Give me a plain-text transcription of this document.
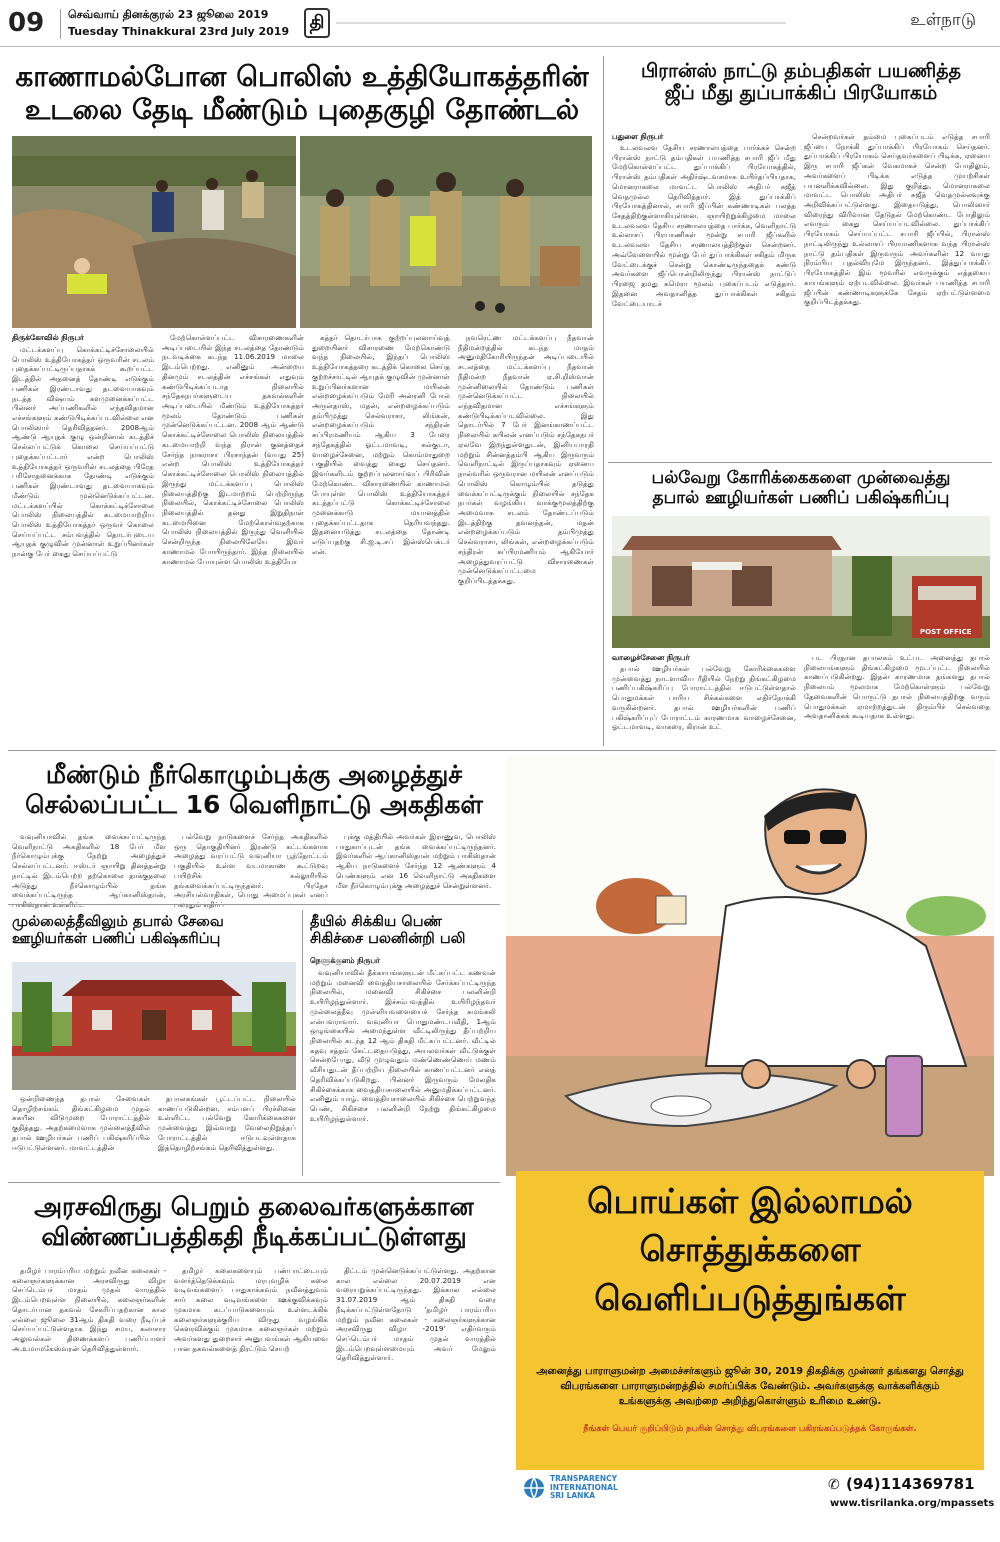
09 செவ்வாய் தினக்குரல் 23 ஜூலை 2019
Tuesday Thinakkural 23rd July 2019	தி	உள்நாடு
காணாமல்போன பொலிஸ் உத்தியோகத்தரின்
உடலை தேடி மீண்டும் புதைகுழி தோண்டல்
திருக்கோவில் நிருபர்

மட்டக்களப்பு கொக்கட்டிச்சோலையில் பொலிஸ் உத்தியோகத்தர் ஒருவரின் சடலம் புதைக்கப்பட்டிருப்பதாகக் கூறப்பட்ட இடத்தில் அதனைத் தோண்டி எடுக்கும் பணிகள் இரண்டாவது தடவையாகவும் நடத்த விஷயம் களமுனைக்கப்பட்ட பின்னர் அப்பணிகளில் எந்தவிதமான எச்சங்களும் கண்டுபிடிக்கப்படவில்லை என பொலிஸார் தெரிவித்தனர். 2008ஆம் ஆண்டு ஆயுதக் குழு ஒன்றினால் கடத்திச் செல்லப்பட்டுக் கொலை செய்யப்பட்டு புதைக்கப்பட்டார் என்ற பொலிஸ் உத்தியோகத்தர் ஒருவரின் சடலத்தை பிரேத பரிசோதனைக்காக தோண்டி எடுக்கும் பணிகள் இரண்டாவது தடவையாகவும் மீண்டும் முன்னெடுக்கப்பட்டன. மட்டக்களப்பில் கொக்கட்டிச்சோலை பொலிஸ் நிலையத்தில் கடமையாற்றிய பொலிஸ் உத்தியோகத்தர் ஒருவர் கொலை செய்யப்பட்ட சம்பவத்தில் தொடர்புடைய ஆயுதக் குழுவின் முன்னாள் உறுப்பினர்கள் நான்கு பேர் கைது செய்யப்பட்டு

மேற்கொள்ளப்பட்ட விசாரணைகளின் அடிப்படையில் இந்த சடலத்தை தோண்டும் நடவடிக்கை கடந்த 11.06.2019 மாலை இடம்பெற்றது. எனினும் அன்றைய தினமும் சடலத்தின் எச்சங்கள் எதுவும் கண்டுபிடிக்கப்படாத நிலையில் சந்தேகநபர்களுடைய தகவல்களின் அடிப்படையில் மீண்டும் உத்தியோகத்தர் மூலம் தோண்டும் பணிகள் முன்னெடுக்கப்பட்டன. 2008 ஆம் ஆண்டு கொக்கட்டிச்சோலை பொலிஸ் நிலையத்தில் கடமையாற்றி வந்த நிரான் குனத்தைச் சேர்ந்த நாகராசா பிரசாந்தன் (வயது 25) என்ற பொலிஸ் உத்தியோகத்தர் கொக்கட்டிச்சோலை பொலிஸ் நிலையத்தில் இருந்து மட்டக்களப்பு பொலிஸ் நிலையத்திற்கு இடமாற்றம் பெற்றிருந்த நிலையில், கொக்கட்டிச்சோலை பொலிஸ் நிலையத்தில் தனது இறுதிநாள் கடமையினை மேற்கொள்வதற்காக பொலிஸ் நிலையத்தில் இருந்து வெளியில் சென்றிருந்த நிலையிலேயே இவர் காணாமல் போயிருந்தார். இந்த நிலையில் காணாமல் போயுள்ள பொலிஸ் உத்தியோ

கத்தர் தொடர்பாக குற்றப்புலனாய்வுத் துறையினர் விசாரணை மேற்கொண்டு வந்த நிலையில், இந்தப் பொலிஸ் உத்தியோகத்தரை கடத்திக் கொலை செய்த குற்றச்சாட்டில் ஆயுதக் குழுவின் முன்னாள் உறுப்பினர்களான மயிலன் என்றழைக்கப்படும் மேரி அன்ரனி போல் அருள்தாஸ், மதன், என்றழைக்கப்படும் தம்பிமுத்து செல்வராசா, லிங்கன், என்றழைக்கப்படும் சந்திரன் சுப்பிரமணியம் ஆகிய 3 பேரை சந்தேகத்தில் ஓட்டமாவடி, கல்குடா, வாழைச்சேனை, மற்றும் கொம்மாதுறை பகுதியில் வைத்து கைது செய்தனர். இவர்களிடம் குற்றப்புலனாய்வுப் பிரிவின் மேற்கொண்ட விசாரணையில் காணாமல் போயுள்ள பொலிஸ் உத்தியோகத்தர் கடத்தப்பட்டு கொக்கட்டிச்சோலை முனைக்காடு மயானத்தில் புதைக்கப்பட்டதாக தெரியவந்தது. இதனையடுத்து சடலத்தை தோண்டி எடுப்பதற்கு சி.ஐ.டி.சப் இன்ஸ்பெக்டர் என்.

நவரெட்ண மட்டக்களப்பு நீதவான் நீதிமன்றத்தில் கடந்த மாதம் அனுமதிகோரியிருந்தன் அடிப்படையில் சடலத்தை மட்டக்களப்பு நீதவான் நீதிமன்ற நீதவான் ஏ.சி.றிஸ்வான் முன்னிலையில் தோண்டும் பணிகள் முன்னெடுக்கப்பட்ட நிலையில் எந்தவிதமான எச்சங்களும் கண்டுபிடிக்கப்படவில்லை. இது தொடர்பில் 7 பேர் இனங்காணப்பட்ட நிலையில் கபிலன் எனப்படும் சந்தேகநபர் ஏலவே இறந்துள்ளதுடன், இனியபாரதி மற்றும் சின்னத்தம்பி ஆகிய இருவரும் வெளிநாட்டில் இருப்பதாகவும் ஏனைய நால்வரில் ஒருவரான மயிலன் எனப்படும் பொலிஸ் கொழும்பில் தடுத்து வைக்கப்பட்டிருக்கும் நிலையில் சந்தேக நபர்கள் வழங்கிய வாக்குமூலத்திற்கு அமைவாக சடலம் தோண்டப்படும் இடத்திற்கு தவனந்தன், மதன் என்றழைக்கப்படும் தம்பிமுத்து செல்வராசா, லிங்கன், என்றழைக்கப்படும் சந்திரன் சுப்பிரமணியம் ஆகியோர் அழைத்துவரப்பட்டு விசாரணைகள் முன்னெடுக்கப்பட்டமை குறிப்பிடத்தக்கது.

பிரான்ஸ் நாட்டு தம்பதிகள் பயணித்த
ஜீப் மீது துப்பாக்கிப் பிரயோகம்
பதுளை நிருபர்

உடலவலவ தேசிய சரணாலயத்தை பார்க்கச் சென்ற பிரான்ஸ் நாட்டு தம்பதிகள் பயணித்த சபாரி ஜீப் மீது மேற்கொள்ளப்பட்ட துப்பாக்கிப் பிரயோகத்தில், பிரான்ஸ் தம்பதிகள் அதிர்ஷ்டவசமாக உயிர்தப்பியதாக, மொனராகலை மாவட்ட பொலிஸ் அதிபர் சுஜீத் வெதமுல்ல தெரிவித்தார். இத் துப்பாக்கிப் பிரயோகத்தினால், சபாரி ஜீப்பின் கண்ணாடிகள் பலத்த சேதத்திற்குள்ளாகியுள்ளன. ஞாயிற்றுக்கிழமை மாலை உடலவலவ தேசிய சரணாலயத்தை பார்க்க, வெளிநாட்டு உல்லாசப் பிரயாணிகள் மூன்று சபாரி ஜீப்களில் உடலவலவ தேசிய சரணாலயத்திற்குள் சென்றனர். அவ்வேளையில் மூன்று பேர் துப்பாக்கிகள் சகிதம் மிருக வேட்டைக்குச் சென்று கொண்டிருந்ததைக் கண்டு அவர்களை ஜீப்பொன்றிலிருந்து பிரான்ஸ் நாட்டுப் பிரஜை தமது கமெரா மூலம் புகைப்படம் எடுத்தார். இதனை அவதானித்த துப்பாக்கிகள் சகிதம் வேட்டையாடச்

சென்றவர்கள் தம்மை புகைப்படம் எடுத்த சபாரி ஜீப்பை நோக்கி துப்பாக்கிப் பிரயோகம் செய்தனர். துப்பாக்கிப் பிரயோகம் செய்தவர்களைப் பிடிக்க, ஏனைய இரு சபாரி ஜீப்கள் வேகமாகச் சென்ற போதிலும், அவர்களைப் பிடிக்க எடுத்த முயற்சிகள் பயனளிக்கவில்லை. இது குறித்து, மொனராகலை மாவட்ட பொலிஸ் அதிபர் சுஜீத் வெதமுல்லவுக்கு அறிவிக்கப்பட்டுள்ளது. இதையடுத்து, பொலிஸார் விரைந்து விரிவான தேடுதல் மேற்கொண்ட போதிலும் எவரும் கைது செய்யப்படவில்லை. துப்பாக்கிப் பிரயோகம் செய்யப்பட்ட சபாரி ஜீப்பில், பிரான்ஸ் நாட்டிலிருந்து உல்லாசப் பிரயாணிகளாக வந்த பிரான்ஸ் நாட்டு தம்பதிகள் இருவரும் அவர்களின் 12 வயது நிரம்பிய புதல்வியுமே இருந்தனர். இத்துப்பாக்கிப் பிரயோகத்தில் இம் மூவரில் எவருக்கும் எத்தகைய காயங்களும் ஏற்படவில்லை. இவர்கள் பயணித்த சபாரி ஜீப்பின் கண்ணாடிகளுக்கே சேதம் ஏற்பட்டுள்ளமை குறிப்பிடத்தக்கது.

பல்வேறு கோரிக்கைகளை முன்வைத்து
தபால் ஊழியர்கள் பணிப் பகிஷ்கரிப்பு
POST OFFICE
வாழைச்சேனை நிருபர்

தபால் ஊழியர்கள் பல்வேறு கோரிக்கைகளை முன்வைத்து நாடளாவிய ரீதியில் நேற்று திங்கட்கிழமை பணிப்பகிஷ்கரிப்பு போராட்டத்தில் ஈடுபட்டுள்ளதால் பொதுமக்கள் பாரிய சிக்கல்களை எதிர்நோக்கி வருகின்றனர். தபால் ஊழியர்களின் பணிப் பகிஷ்கரிப்புப் போராட்டம் காரணமாக வாழைச்சேனை, ஓட்டமாவடி, வாகரை, கிரான் உட்

பட பிரதான தபாலகம் உட்பட அனைத்து தபால் நிலையங்களும் திங்கட்கிழமை மூடப்பட்ட நிலையில் காணப்படுகின்றது. இதன் காரணமாக தங்களது தபால் நிலையம் மூலமாக மேற்கொள்ளும் பல்வேறு தேவைகளின் பொருட்டு தபால் நிலையத்திற்கு வரும் பொதுமக்கள் ஏமாற்றத்துடன் திரும்பிச் செல்வதை அவதானிக்கக் கூடியதாக உள்ளது.

மீண்டும் நீர்கொழும்புக்கு அழைத்துச்
செல்லப்பட்ட 16 வெளிநாட்டு அகதிகள்

வவுனியாவில் தங்க வைக்கப்பட்டிருந்த வெளிநாட்டு அகதிகளில் 18 பேர் மீள நீர்கொழும்புக்கு நேற்று அழைத்துச் செல்லப்பட்டனர். ஈஸ்டர் ஞாயிறு தினத்தன்று நாட்டில் இடம்பெற்ற தற்கொலை தாக்குதலை அடுத்து நீர்கொழும்பில் தங்க வைக்கப்பட்டிருந்த ஆப்கானிஸ்தான்,

பல்வேறு நாடுகளைச் சேர்ந்த அகதிகளில் ஒரு தொகுதியினர் இரண்டு கட்டங்களாக அழைத்து வரப்பட்டு வவுனியா பூந்தோட்டம் பகுதியில் உள்ள வடமாகாண கூட்டுறவு பயிற்சிக் கல்லூரியில் தங்கவைக்கப்பட்டிருந்தனர். பிரதேச அரசியல்வாதிகள், பொது அமைப்புகள் எனப்

புக்கு மத்தியில் அவர்கள் இராணுவ, பொலிஸ் பாதுகாப்புடன் தங்க வைக்கப்பட்டிருந்தனர். இவர்களில் ஆப்கானிஸ்தான் மற்றும் பாகிஸ்தான் ஆகிய நாடுகளைச் சேர்ந்த 12 ஆண்களும் 4 பெண்களும் என 16 வெளிநாட்டு அகதிகளை மீள நீர்கொழும்புக்கு அழைத்துச் சென்றுள்ளனர்.

முல்லைத்தீவிலும் தபால் சேவை
ஊழியர்கள் பணிப் பகிஷ்கரிப்பு

ஒன்றிணைந்த தபால் சேவைகள் தொழிற்சங்கம் திங்கட்கிழமை முதல் சுகயீன விடுமுறை போராட்டத்தில் குதித்தது. அதற்கமைவாக முல்லைத்தீவில் தபால் ஊழியர்கள் பணிப் பகிஷ்கரிப்பில் ஈடுபட்டுள்ளனர். மாவட்டத்தின்

தபாலகங்கள் பூட்டப்பட்ட நிலையில் காணப்படுகின்றன. சம்பளப் பிரச்சினை உள்ளிட்ட பல்வேறு கோரிக்கைகளை முன்வைத்து இவ்வாறு வேலைநிறுத்தப் போராட்டத்தில் ஈடுபடவுள்ளதாக இத்தொழிற்சங்கம் தெரிவித்துள்ளது.

தீயில் சிக்கிய பெண்
சிகிச்சை பலனின்றி பலி
நெளுக்குளம் நிருபர்

வவுனியாவில் தீக்காயங்களுடன் மீட்கப்பட்ட கணவன் மற்றும் மனைவி வைத்தியசாலையில் சேர்க்கப்பட்டிருந்த நிலையில், மனைவி சிகிச்சை பலனின்றி உயிரிழந்துள்ளார். இச்சம்பவத்தில் உயிரிழந்தவர் முல்லைத்தீவு முள்ளியவளையைச் சேர்ந்த சுமங்கலி என்பவராவார். வவுனியா பொதுமண்டபவீதி, 1ஆம் ஒழுங்கையில் அமைந்துள்ள வீட்டிலிருந்து தீப்பற்றிய நிலையில் கடந்த 12 ஆம் திகதி மீட்கப்பட்டனர். வீட்டில் கதவு சத்தம் கேட்டதையடுத்து, அயலவர்கள் வீட்டுக்குள் சென்றபோது, வீடு முழுவதும் மண்ணெண்ணெய் மணம் வீசியதுடன் தீப்பற்றிய நிலையில் காணப்பட்டனர் எனத் தெரிவிக்கப்படுகிறது. பின்னர் இருவரும் மேலதிக சிகிச்சைக்காக வைத்தியசாலையில் அனுமதிக்கப்பட்டனர். எனினும் யாழ். வைத்தியசாலையில் சிகிச்சை பெற்றுவந்த பெண், சிகிச்சை பலனின்றி நேற்று திங்கட்கிழமை உயிரிழந்துள்ளார்.

அரசவிருது பெறும் தலைவர்களுக்கான
விண்ணப்பத்திகதி நீடிக்கப்பட்டுள்ளது

தமிழர் பாரம்பரிய மற்றும் நவீன கலைகள் - கலைஞர்களுக்கான அரசவிருது விழா செப்டெம்பர் மாதம் முதல் வாரத்தில் இடம்பெறவுள்ள நிலையில், கலைஞர்களின் தொடர்பான தகவல் சேகரிப்பதற்கான கால எல்லை ஜூலை 31ஆம் திகதி வரை நீடிப்புச் செய்யப்பட்டுள்ளதாக இந்து சமய, கலாசார அலுவல்கள் திணைக்களப் பணிப்பாளர் அ.உமாமகேஸ்வரன் தெரிவித்துள்ளார்.

தமிழர் கலைகளையும் பண்பாட்டையும் வளர்த்தெடுக்கவும் மரபுவழிக் கலை வடிவங்களைப் பாதுகாக்கவும் நவீனத்துவம் சார் கலை வடிவங்களை ஊக்குவிக்கவும் முகமாக கடப்பாடுகளையும் உள்ளடக்கிக் கலைஞர்களுக்குரிய விருது வழங்கிக் கௌரவிக்கும் முகமாக கலைஞர்கள் மற்றும் அவர்களது துறைசார் அனுபவங்கள் ஆகியவை பான தகவல்களைத் திரட்டும் செயற்

திட்டம் முன்னெடுக்கப்பட்டுள்ளது. அதற்கான கால எல்லை 20.07.2019 என வரையறுக்கப்பட்டிருந்தது. இக்கால எல்லை 31.07.2019 ஆம் திகதி வரை நீடிக்கப்பட்டுள்ளதோடு 'தமிழர் பாரம்பரிய மற்றும் நவீன கலைகள் - கலைஞர்களுக்கான அரசவிருது விழா -2019' எதிர்வரும் செப்டெம்பர் மாதம் முதல் வாரத்தில் இடம்பெறவுள்ளமையும் அவர் மேலும் தெரிவித்துள்ளார்.

பொய்கள் இல்லாமல்
சொத்துக்களை
வெளிப்படுத்துங்கள்
அனைத்து பாராளுமன்ற அமைச்சர்களும் ஜூன் 30, 2019 திகதிக்கு முன்னர் தங்களது சொத்து விபரங்களை பாராளுமன்றத்தில் சமர்ப்பிக்க வேண்டும். அவர்களுக்கு வாக்களிக்கும் உங்களுக்கு அவற்றை அறிந்துகொள்ளும் உரிமை உண்டு.
நீங்கள் பெயர் குறிப்பிடும் நபரின் சொத்து விபரங்களை பகிரங்கப்படுத்தக் கோருங்கள்.
TRANSPARENCY
INTERNATIONAL
SRI LANKA
✆ (94)114369781
www.tisrilanka.org/mpassets
